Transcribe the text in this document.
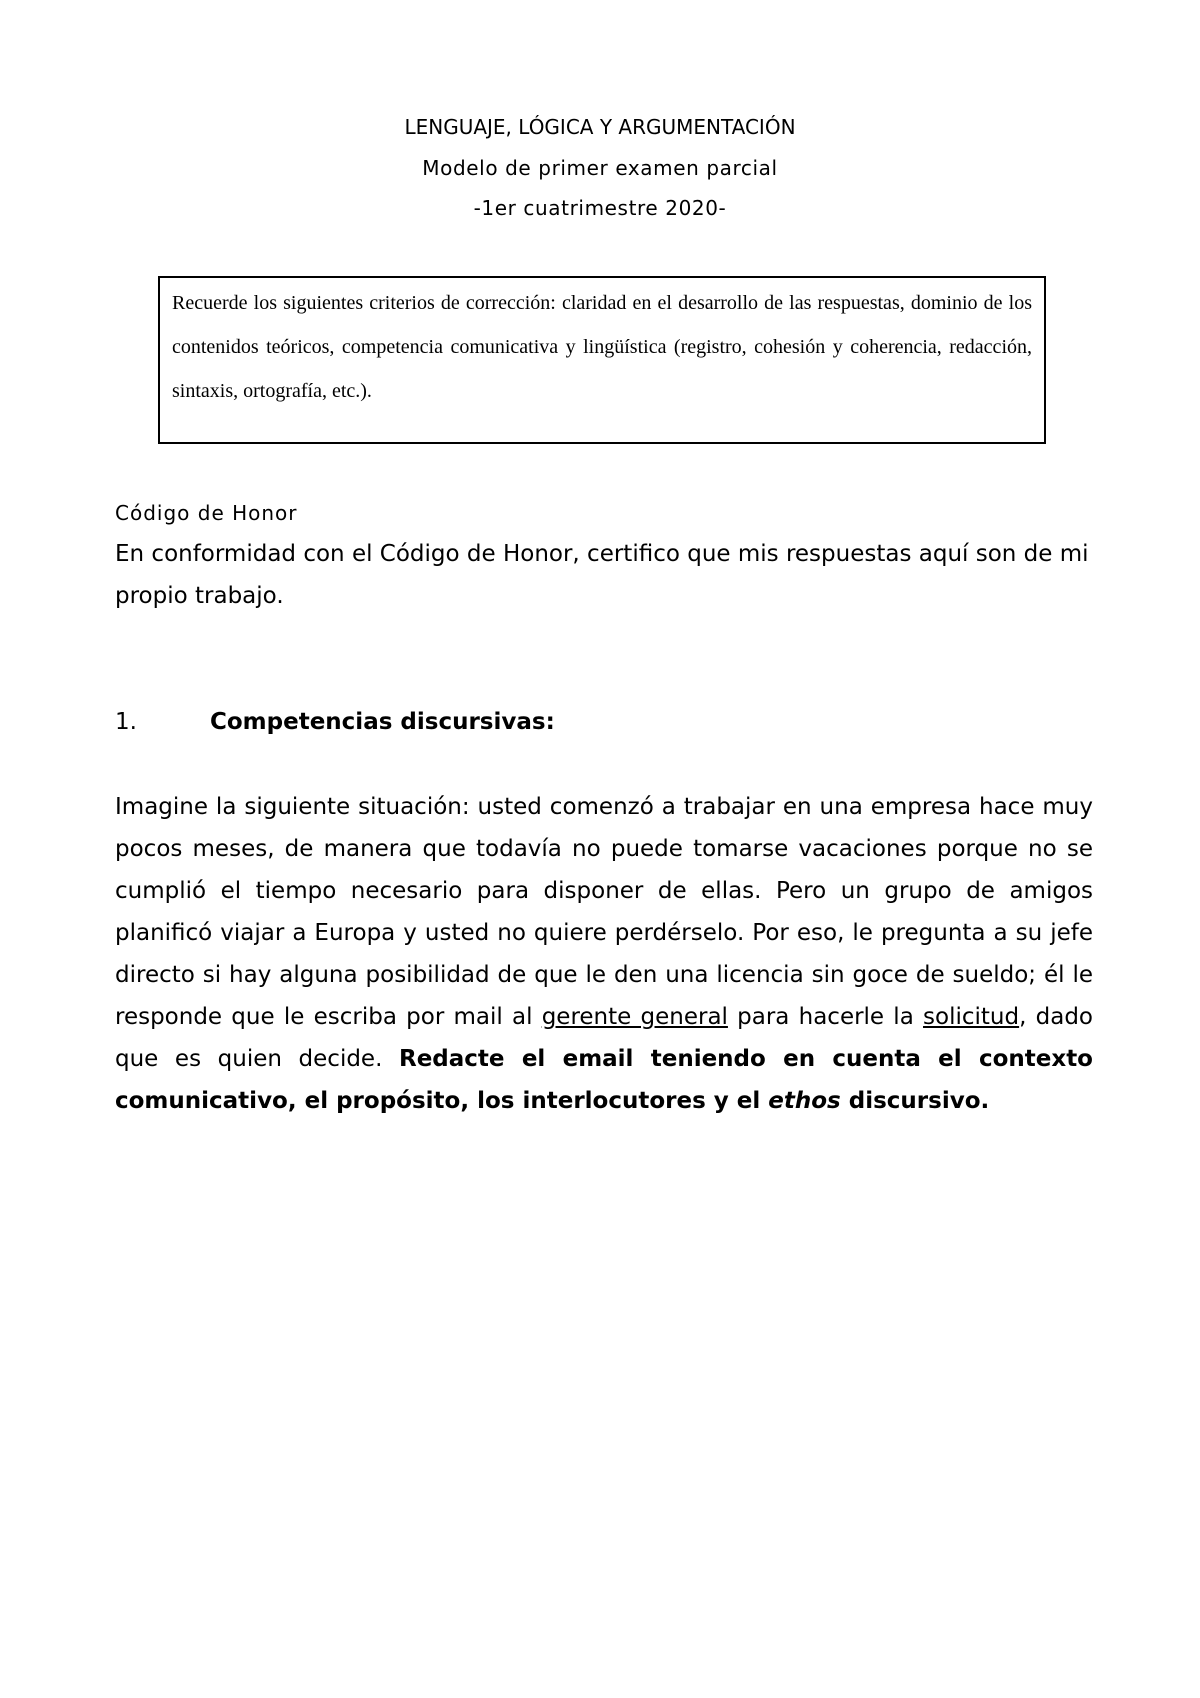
LENGUAJE, LÓGICA Y ARGUMENTACIÓN
Modelo de primer examen parcial
-1er cuatrimestre 2020-

Recuerde los siguientes criterios de corrección: claridad en el desarrollo de las respuestas, dominio de los contenidos teóricos, competencia comunicativa y lingüística (registro, cohesión y coherencia, redacción, sintaxis, ortografía, etc.).

Código de Honor

En conformidad con el Código de Honor, certifico que mis respuestas aquí son de mi propio trabajo.

1.	Competencias discursivas:

Imagine la siguiente situación: usted comenzó a trabajar en una empresa hace muy pocos meses, de manera que todavía no puede tomarse vacaciones porque no se cumplió el tiempo necesario para disponer de ellas. Pero un grupo de amigos planificó viajar a Europa y usted no quiere perdérselo. Por eso, le pregunta a su jefe directo si hay alguna posibilidad de que le den una licencia sin goce de sueldo; él le responde que le escriba por mail al gerente general para hacerle la solicitud, dado que es quien decide. Redacte el email teniendo en cuenta el contexto comunicativo, el propósito, los interlocutores y el ethos discursivo.
